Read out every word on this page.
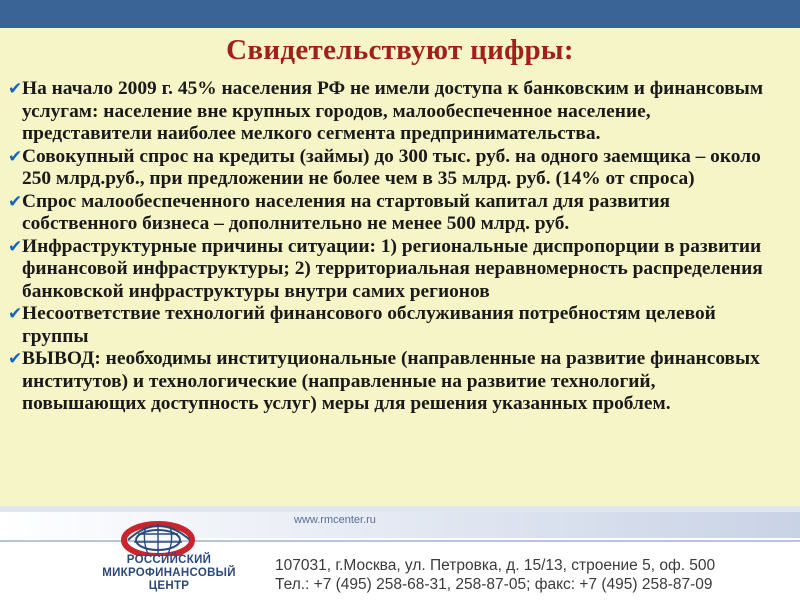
Свидетельствуют цифры:
✔ На начало 2009 г. 45% населения РФ не имели доступа к банковским и финансовым услугам: население вне крупных городов, малообеспеченное население, представители наиболее мелкого сегмента предпринимательства.
✔ Совокупный спрос на кредиты (займы) до 300 тыс. руб. на одного заемщика – около 250 млрд.руб., при предложении не более чем в 35 млрд. руб. (14% от спроса)
✔ Спрос малообеспеченного населения на стартовый капитал для развития собственного бизнеса – дополнительно не менее 500 млрд. руб.
✔ Инфраструктурные причины ситуации: 1) региональные диспропорции в развитии финансовой инфраструктуры; 2) территориальная неравномерность распределения банковской инфраструктуры внутри самих регионов
✔ Несоответствие технологий финансового обслуживания потребностям целевой группы
✔ ВЫВОД: необходимы институциональные (направленные на развитие финансовых институтов) и технологические (направленные на развитие технологий, повышающих доступность услуг) меры для решения указанных проблем.
www.rmcenter.ru
РОССИЙСКИЙ
МИКРОФИНАНСОВЫЙ
ЦЕНТР
107031, г.Москва, ул. Петровка, д. 15/13, строение 5, оф. 500
Тел.: +7 (495) 258-68-31, 258-87-05; факс: +7 (495) 258-87-09
